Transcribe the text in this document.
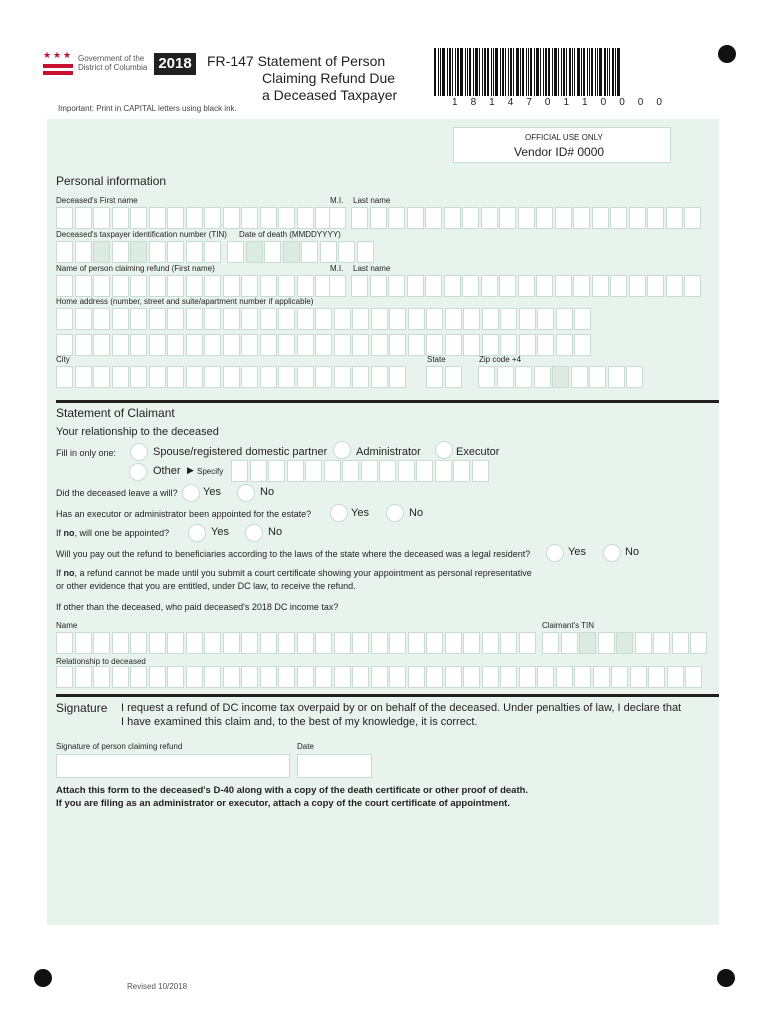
★ ★ ★ Government of the
District of Columbia 2018	FR-147 Statement of Person
Claiming Refund Due
a Deceased Taxpayer
Important: Print in CAPITAL letters using black ink.
1 8 1 4 7 0 1 1 0 0 0 0
OFFICIAL USE ONLY
Vendor ID# 0000
Personal information
Deceased's First name	M.I. Last name
Deceased's taxpayer identification number (TIN) Date of death (MMDDYYYY)
Name of person claiming refund (First name)	M.I. Last name
Home address (number, street and suite/apartment number if applicable)
City	State	Zip code +4
Statement of Claimant
Your relationship to the deceased
Fill in only one:	Spouse/registered domestic partner	Administrator	Executor
Other ▶ Specify
Did the deceased leave a will? Yes	No
Has an executor or administrator been appointed for the estate?	Yes	No
If no, will one be appointed?	Yes	No
Will you pay out the refund to beneficiaries according to the laws of the state where the deceased was a legal resident?	Yes	No
If no, a refund cannot be made until you submit a court certificate showing your appointment as personal representative
or other evidence that you are entitled, under DC law, to receive the refund.
If other than the deceased, who paid deceased's 2018 DC income tax?
Name	Claimant's TIN
Relationship to deceased
Signature I request a refund of DC income tax overpaid by or on behalf of the deceased. Under penalties of law, I declare that
I have examined this claim and, to the best of my knowledge, it is correct.
Signature of person claiming refund	Date
Attach this form to the deceased's D-40 along with a copy of the death certificate or other proof of death.
If you are filing as an administrator or executor, attach a copy of the court certificate of appointment.
Revised 10/2018
